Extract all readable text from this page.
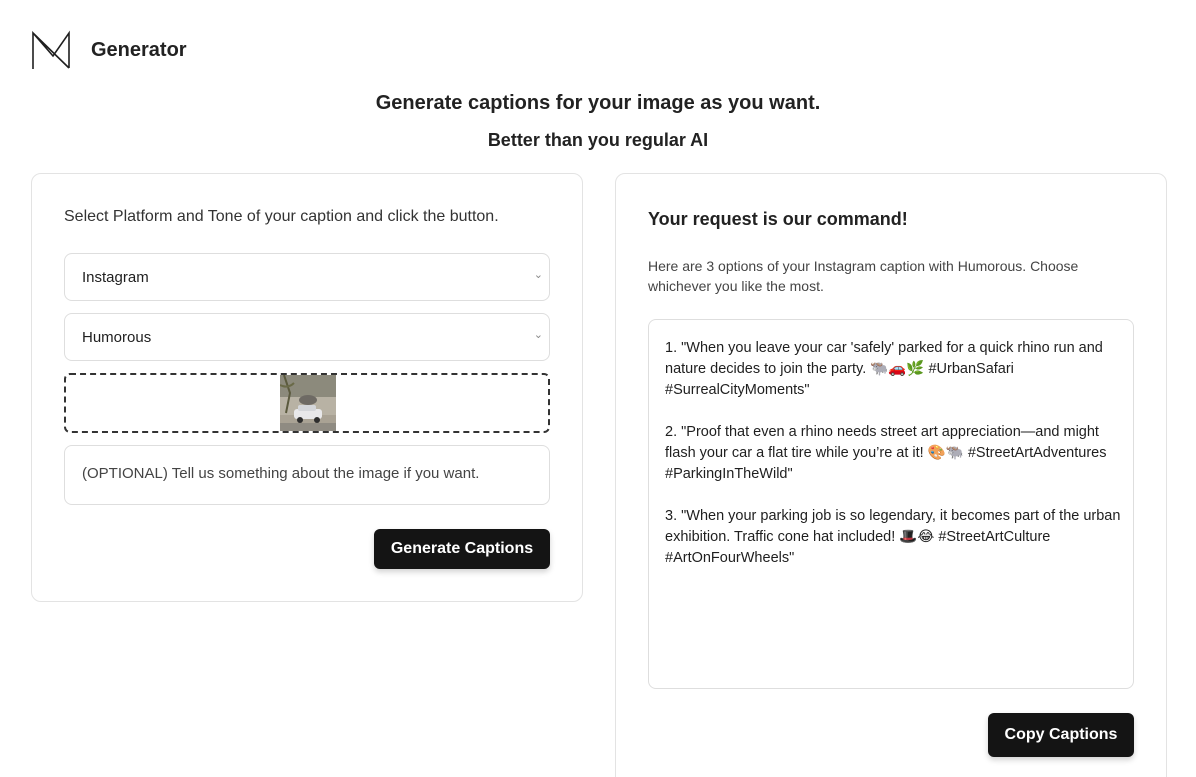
Generator
Generate captions for your image as you want.
Better than you regular AI
Select Platform and Tone of your caption and click the button.
Instagram	⌄
Humorous	⌄
(OPTIONAL) Tell us something about the image if you want.
Generate Captions
Your request is our command!
Here are 3 options of your Instagram caption with Humorous. Choose whichever you like the most.
1. "When you leave your car 'safely' parked for a quick rhino run and nature decides to join the party. 🐃🚗🌿 #UrbanSafari #SurrealCityMoments"
2. "Proof that even a rhino needs street art appreciation—and might flash your car a flat tire while you’re at it! 🎨🐃 #StreetArtAdventures #ParkingInTheWild"
3. "When your parking job is so legendary, it becomes part of the urban exhibition. Traffic cone hat included! 🎩😂 #StreetArtCulture #ArtOnFourWheels"
Copy Captions
